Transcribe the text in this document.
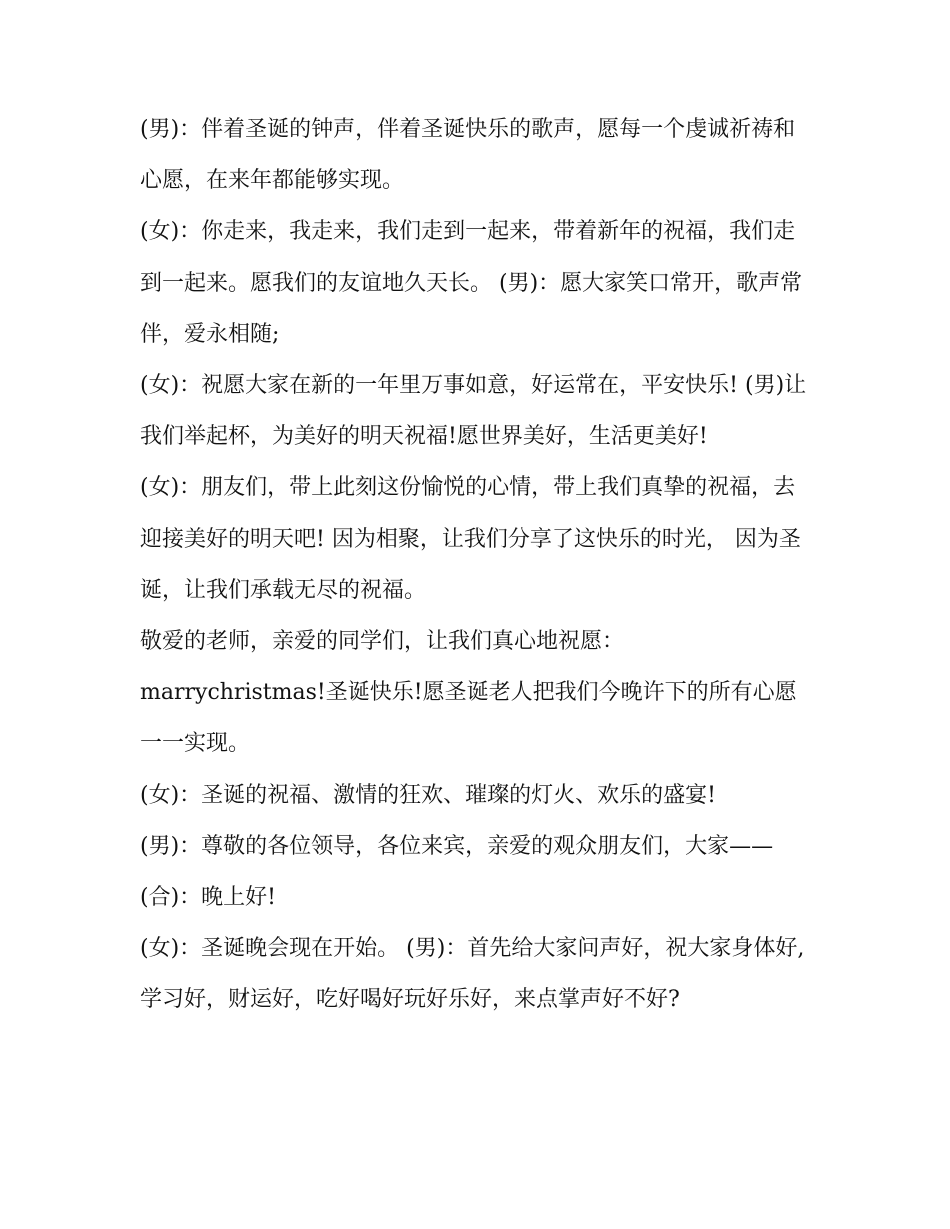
(男)：伴着圣诞的钟声，伴着圣诞快乐的歌声，愿每一个虔诚祈祷和心愿，在来年都能够实现。

(女)：你走来，我走来，我们走到一起来，带着新年的祝福，我们走到一起来。愿我们的友谊地久天长。 (男)：愿大家笑口常开，歌声常伴，爱永相随;

(女)：祝愿大家在新的一年里万事如意，好运常在，平安快乐! (男)让我们举起杯，为美好的明天祝福!愿世界美好，生活更美好!

(女)：朋友们，带上此刻这份愉悦的心情，带上我们真挚的祝福，去迎接美好的明天吧! 因为相聚，让我们分享了这快乐的时光， 因为圣诞，让我们承载无尽的祝福。

敬爱的老师，亲爱的同学们，让我们真心地祝愿：

marrychristmas!圣诞快乐!愿圣诞老人把我们今晚许下的所有心愿一一实现。

(女)：圣诞的祝福、激情的狂欢、璀璨的灯火、欢乐的盛宴!

(男)：尊敬的各位领导，各位来宾，亲爱的观众朋友们，大家—— (合)：晚上好!

(女)：圣诞晚会现在开始。 (男)：首先给大家问声好，祝大家身体好,学习好，财运好，吃好喝好玩好乐好，来点掌声好不好?
